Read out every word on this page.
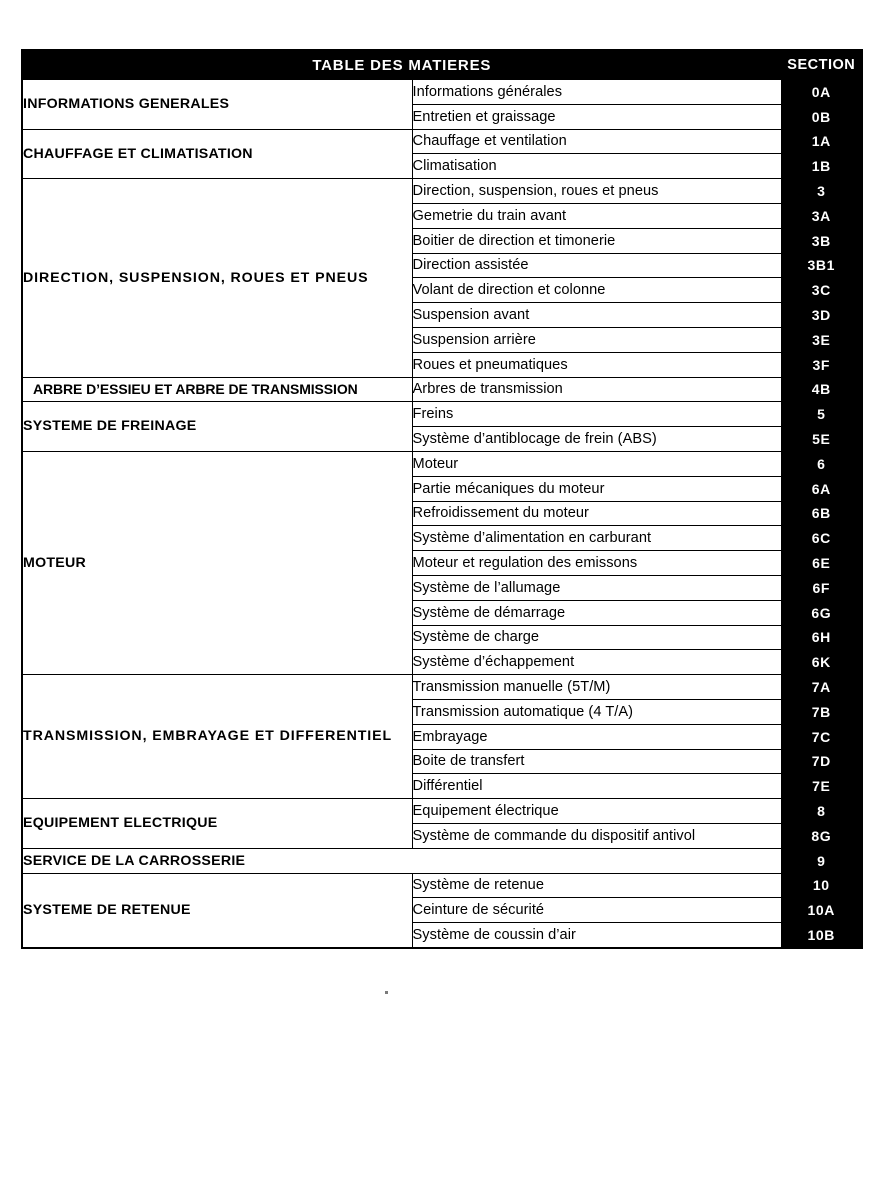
TABLE DES MATIERES		SECTION
INFORMATIONS GENERALES	Informations générales	0A
	Entretien et graissage	0B
CHAUFFAGE ET CLIMATISATION	Chauffage et ventilation	1A
	Climatisation	1B
DIRECTION, SUSPENSION, ROUES ET PNEUS	Direction, suspension, roues et pneus	3
	Gemetrie du train avant	3A
	Boitier de direction et timonerie	3B
	Direction assistée	3B1
	Volant de direction et colonne	3C
	Suspension avant	3D
	Suspension arrière	3E
	Roues et pneumatiques	3F
ARBRE D’ESSIEU ET ARBRE DE TRANSMISSION	Arbres de transmission	4B
SYSTEME DE FREINAGE	Freins	5
	Système d’antiblocage de frein (ABS)	5E
MOTEUR	Moteur	6
	Partie mécaniques du moteur	6A
	Refroidissement du moteur	6B
	Système d’alimentation en carburant	6C
	Moteur et regulation des emissons	6E
	Système de l’allumage	6F
	Système de démarrage	6G
	Système de charge	6H
	Système d’échappement	6K
TRANSMISSION, EMBRAYAGE ET DIFFERENTIEL	Transmission manuelle (5T/M)	7A
	Transmission automatique (4 T/A)	7B
	Embrayage	7C
	Boite de transfert	7D
	Différentiel	7E
EQUIPEMENT ELECTRIQUE	Equipement électrique	8
	Système de commande du dispositif antivol	8G
SERVICE DE LA CARROSSERIE		9
SYSTEME DE RETENUE	Système de retenue	10
	Ceinture de sécurité	10A
	Système de coussin d’air	10B
